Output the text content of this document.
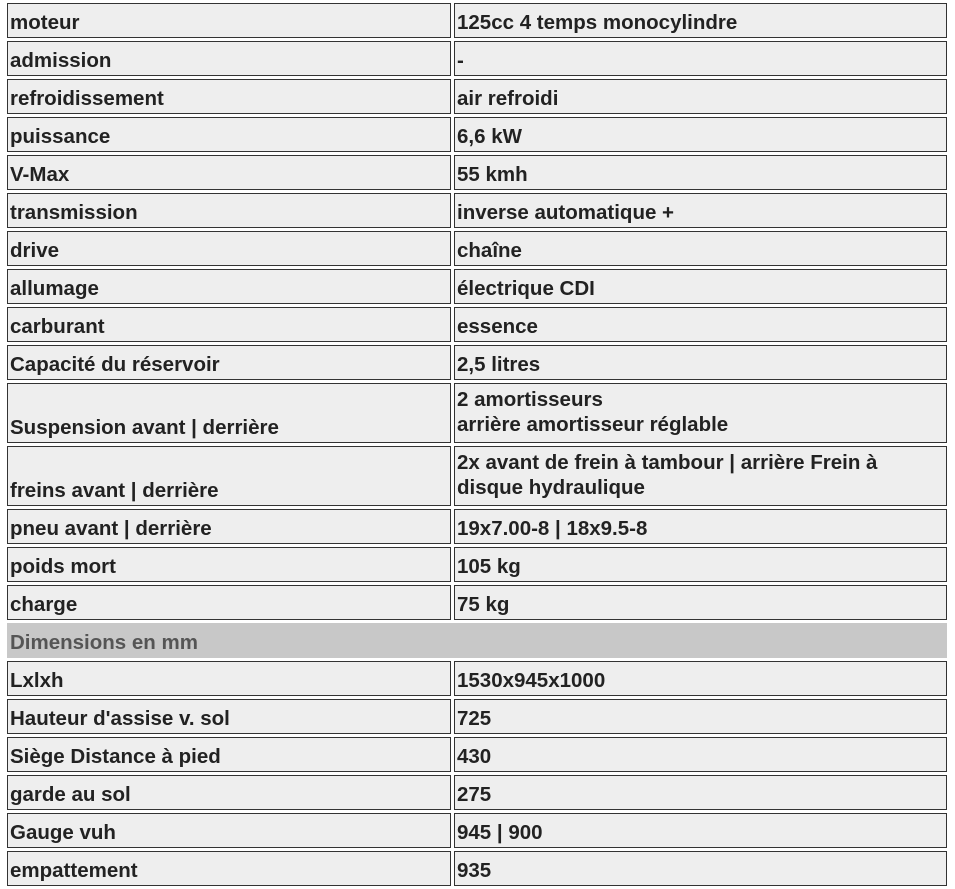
moteur	125cc 4 temps monocylindre
admission	-
refroidissement	air refroidi
puissance	6,6 kW
V-Max	55 kmh
transmission	inverse automatique +
drive	chaîne
allumage	électrique CDI
carburant	essence
Capacité du réservoir	2,5 litres
Suspension avant | derrière	2 amortisseurs
arrière amortisseur réglable

freins avant | derrière	2x avant de frein à tambour | arrière Frein à
disque hydraulique

pneu avant | derrière	19x7.00-8 | 18x9.5-8
poids mort	105 kg
charge	75 kg
Dimensions en mm	
Lxlxh	1530x945x1000
Hauteur d'assise v. sol	725
Siège Distance à pied	430
garde au sol	275
Gauge vuh	945 | 900
empattement	935
